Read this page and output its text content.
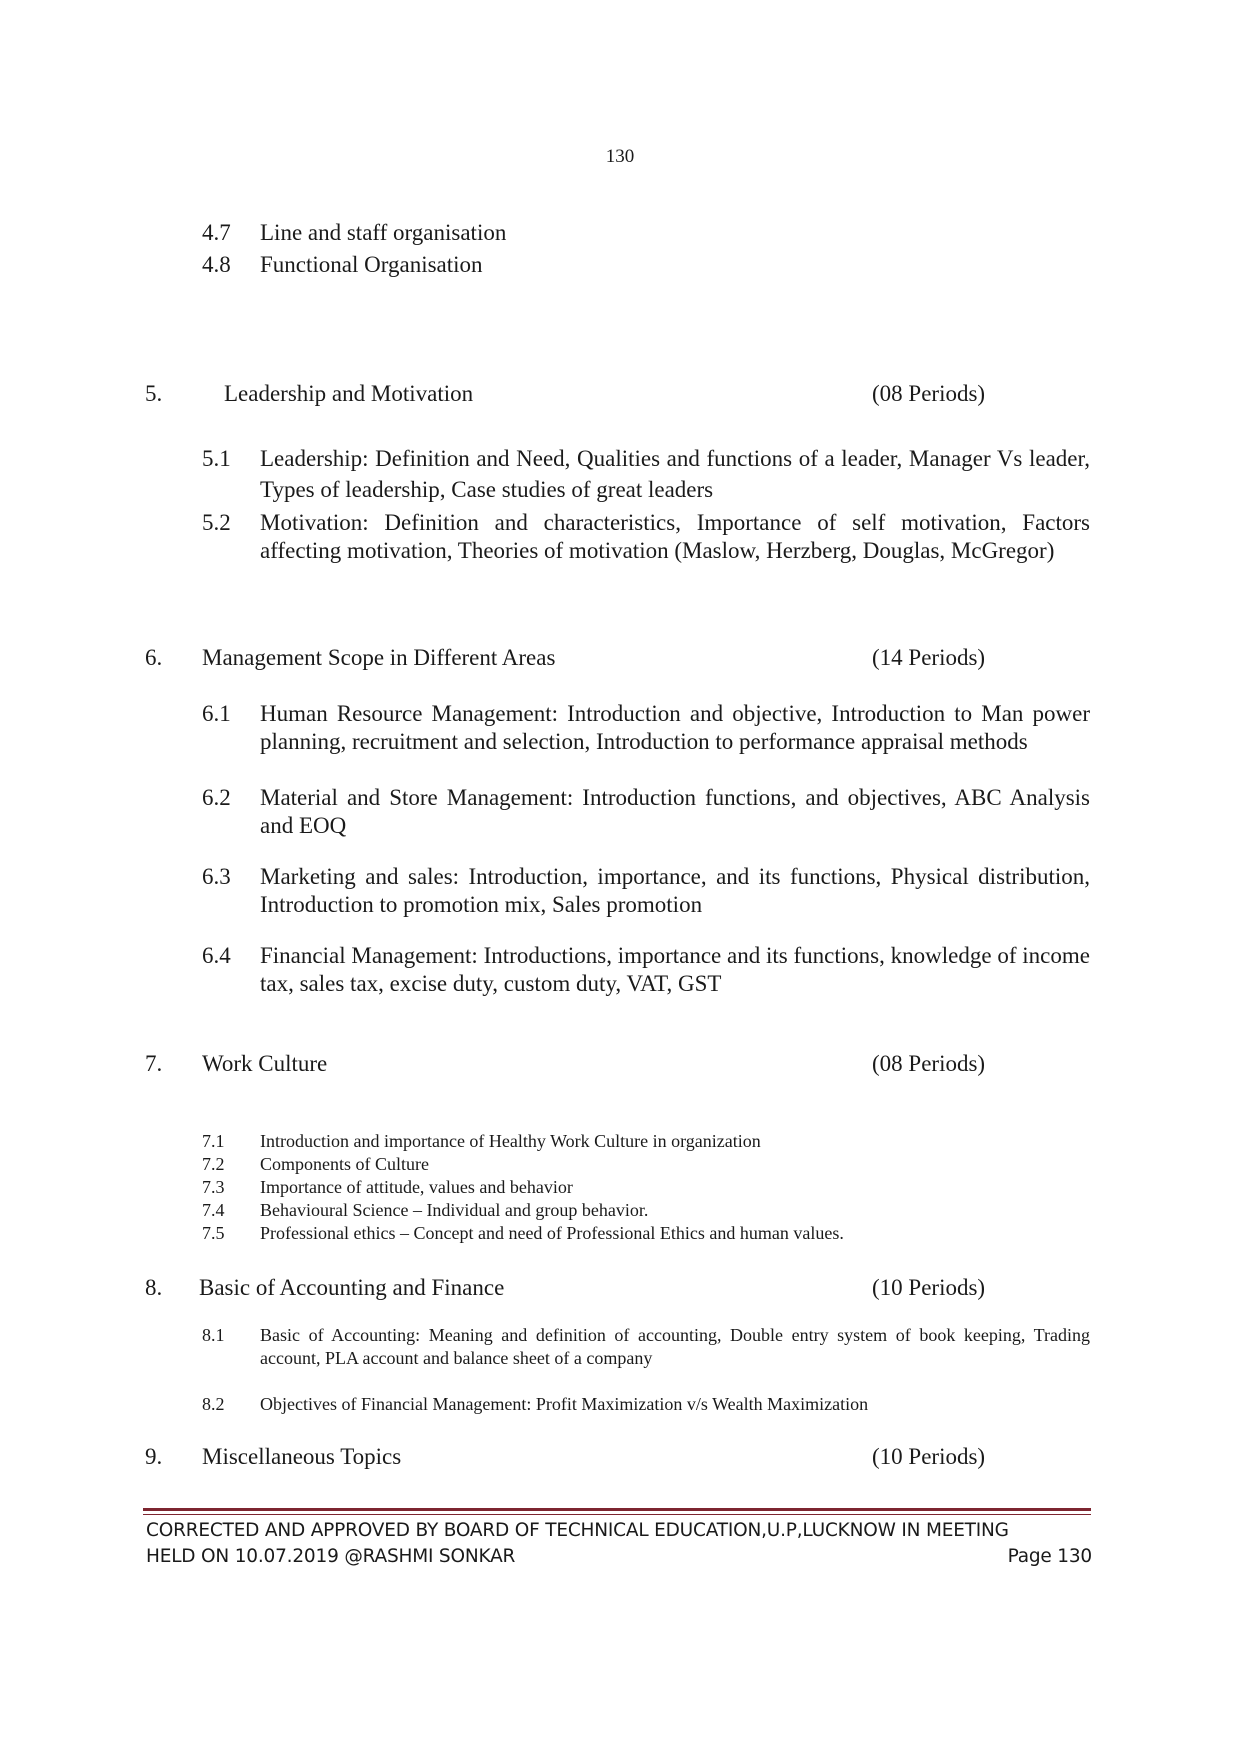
130
4.7 Line and staff organisation
4.8 Functional Organisation
5.	Leadership and Motivation	(08 Periods)
5.1 Leadership: Definition and Need, Qualities and functions of a leader, Manager Vs leader, Types of leadership, Case studies of great leaders
5.2 Motivation: Definition and characteristics, Importance of self motivation, Factors affecting motivation, Theories of motivation (Maslow, Herzberg, Douglas, McGregor)
6. Management Scope in Different Areas	(14 Periods)
6.1 Human Resource Management: Introduction and objective, Introduction to Man power planning, recruitment and selection, Introduction to performance appraisal methods
6.2 Material and Store Management: Introduction functions, and objectives, ABC Analysis and EOQ
6.3 Marketing and sales: Introduction, importance, and its functions, Physical distribution, Introduction to promotion mix, Sales promotion
6.4 Financial Management: Introductions, importance and its functions, knowledge of income tax, sales tax, excise duty, custom duty, VAT, GST
7. Work Culture	(08 Periods)
7.1 Introduction and importance of Healthy Work Culture in organization
7.2 Components of Culture
7.3 Importance of attitude, values and behavior
7.4 Behavioural Science – Individual and group behavior.
7.5 Professional ethics – Concept and need of Professional Ethics and human values.
8. Basic of Accounting and Finance	(10 Periods)
8.1 Basic of Accounting: Meaning and definition of accounting, Double entry system of book keeping, Trading account, PLA account and balance sheet of a company
8.2 Objectives of Financial Management: Profit Maximization v/s Wealth Maximization
9. Miscellaneous Topics	(10 Periods)
CORRECTED AND APPROVED BY BOARD OF TECHNICAL EDUCATION,U.P,LUCKNOW IN MEETING
HELD ON 10.07.2019 @RASHMI SONKAR	Page 130
